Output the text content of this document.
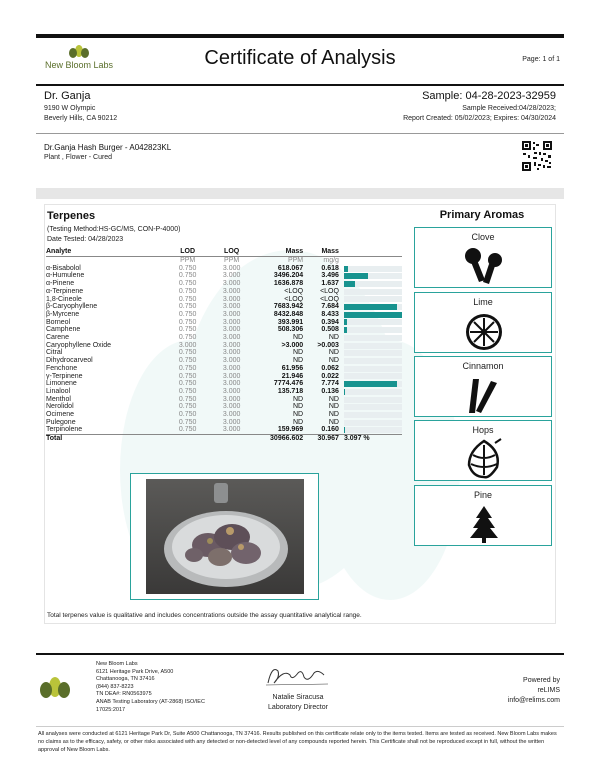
New Bloom Labs	Certificate of Analysis	Page: 1 of 1
Dr. Ganja
9190 W Olympic
Beverly Hills, CA 90212
Sample: 04-28-2023-32959
Sample Received:04/28/2023;
Report Created: 05/02/2023; Expires: 04/30/2024
Dr.Ganja Hash Burger - A042823KL
Plant , Flower - Cured
Terpenes
(Testing Method:HS-GC/MS, CON-P-4000)
Date Tested: 04/28/2023
Analyte	LOD	LOQ	Mass	Mass	
	PPM	PPM	PPM	mg/g	
α-Bisabolol	0.750	3.000	618.067	0.618	

α-Humulene	0.750	3.000	3496.204	3.496	

α-Pinene	0.750	3.000	1636.878	1.637	

α-Terpinene	0.750	3.000	<LOQ	<LOQ	

1,8-Cineole	0.750	3.000	<LOQ	<LOQ	

β-Caryophyllene	0.750	3.000	7683.942	7.684	

β-Myrcene	0.750	3.000	8432.848	8.433	

Borneol	0.750	3.000	393.991	0.394	

Camphene	0.750	3.000	508.306	0.508	

Carene	0.750	3.000	ND	ND	

Caryophyllene Oxide	3.000	3.000	>3.000	>0.003	

Citral	0.750	3.000	ND	ND	

Dihydrocarveol	0.750	3.000	ND	ND	

Fenchone	0.750	3.000	61.956	0.062	

γ-Terpinene	0.750	3.000	21.946	0.022	

Limonene	0.750	3.000	7774.476	7.774	

Linalool	0.750	3.000	135.718	0.136	

Menthol	0.750	3.000	ND	ND	

Nerolidol	0.750	3.000	ND	ND	

Ocimene	0.750	3.000	ND	ND	

Pulegone	0.750	3.000	ND	ND	

Terpinolene	0.750	3.000	159.969	0.160	

Total			30966.602	30.967	3.097 %
Primary Aromas
Clove
Lime
Cinnamon
Hops
Pine
Total terpenes value is qualitative and includes concentrations outside the assay quantitative analytical range.
New Bloom Labs
6121 Heritage Park Drive, A500
Chattanooga, TN 37416
(844) 837-8223
TN DEA#: RN0563975
ANAB Testing Laboratory (AT-2868) ISO/IEC
17025:2017
Natalie Siracusa
Laboratory Director
Powered by
reLIMS
info@relims.com
All analyses were conducted at 6121 Heritage Park Dr, Suite A500 Chattanooga, TN 37416. Results published on this certificate relate only to the items tested. Items are tested as received. New Bloom Labs makes no claims as to the efficacy, safety, or other risks associated with any detected or non-detected level of any compounds reported herein. This Certificate shall not be reproduced except in full, without the written approval of New Bloom Labs.
